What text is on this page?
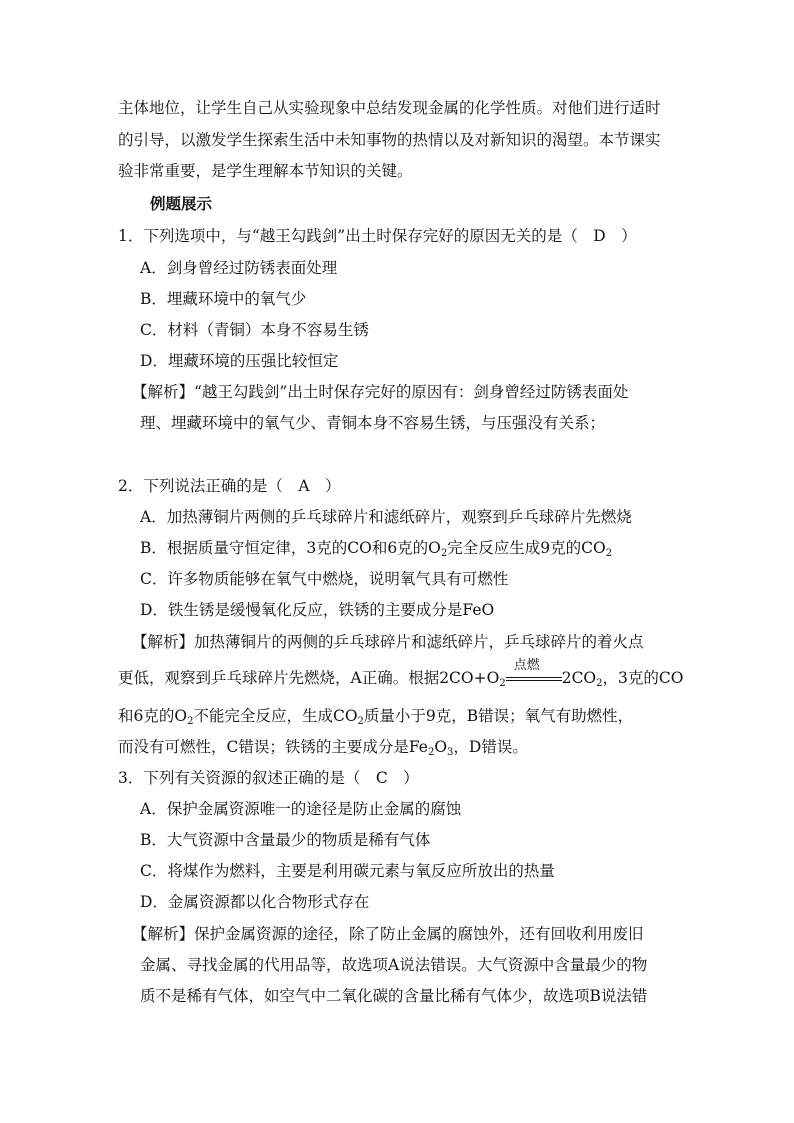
主体地位，让学生自己从实验现象中总结发现金属的化学性质。对他们进行适时
的引导，以激发学生探索生活中未知事物的热情以及对新知识的渴望。本节课实
验非常重要，是学生理解本节知识的关键。
例题展示
1．下列选项中，与“越王勾践剑”出土时保存完好的原因无关的是（　D　）
A．剑身曾经过防锈表面处理
B．埋藏环境中的氧气少
C．材料（青铜）本身不容易生锈
D．埋藏环境的压强比较恒定
【解析】“越王勾践剑”出土时保存完好的原因有：剑身曾经过防锈表面处
理、埋藏环境中的氧气少、青铜本身不容易生锈，与压强没有关系；
2．下列说法正确的是（　A　）
A．加热薄铜片两侧的乒乓球碎片和滤纸碎片，观察到乒乓球碎片先燃烧
B．根据质量守恒定律，3克的CO和6克的$O_2$完全反应生成9克的$CO_2$
C．许多物质能够在氧气中燃烧，说明氧气具有可燃性
D．铁生锈是缓慢氧化反应，铁锈的主要成分是FeO
【解析】加热薄铜片的两侧的乒乓球碎片和滤纸碎片，乒乓球碎片的着火点
更低，观察到乒乓球碎片先燃烧，A正确。根据$2CO+O_2$
点燃
$2CO_2$，3克的CO
和6克的$O_2$不能完全反应，生成$CO_2$质量小于9克，B错误；氧气有助燃性，
而没有可燃性，C错误；铁锈的主要成分是$Fe_2O_3$，D错误。
3．下列有关资源的叙述正确的是（　C　）
A．保护金属资源唯一的途径是防止金属的腐蚀
B．大气资源中含量最少的物质是稀有气体
C．将煤作为燃料，主要是利用碳元素与氧反应所放出的热量
D．金属资源都以化合物形式存在
【解析】保护金属资源的途径，除了防止金属的腐蚀外，还有回收利用废旧
金属、寻找金属的代用品等，故选项A说法错误。大气资源中含量最少的物
质不是稀有气体，如空气中二氧化碳的含量比稀有气体少，故选项B说法错
